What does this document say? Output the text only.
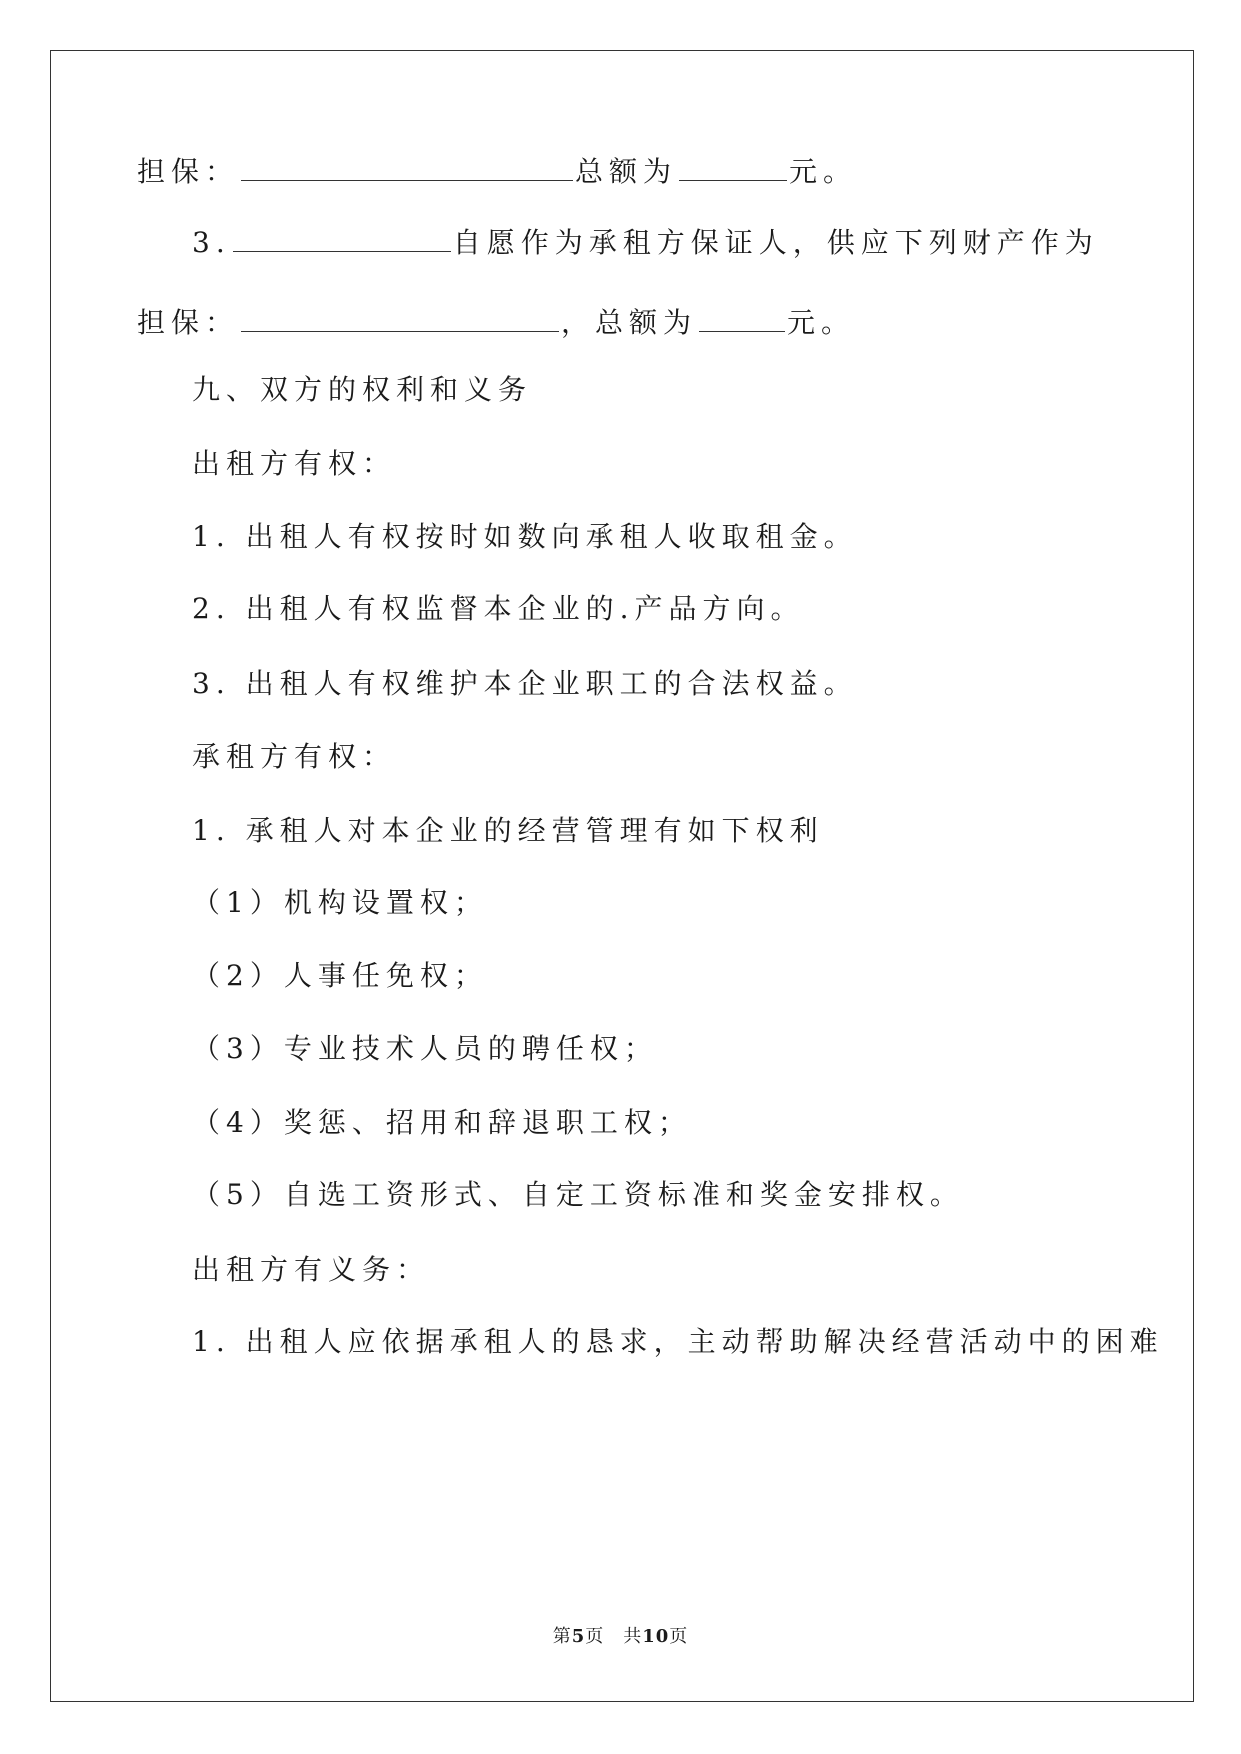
担保：	总额为	元。
3.	自愿作为承租方保证人，供应下列财产作为
担保：	，总额为	元。
九、双方的权利和义务
出租方有权：
1. 出租人有权按时如数向承租人收取租金。
2. 出租人有权监督本企业的.产品方向。
3. 出租人有权维护本企业职工的合法权益。
承租方有权：
1. 承租人对本企业的经营管理有如下权利
（1）机构设置权；
（2）人事任免权；
（3）专业技术人员的聘任权；
（4）奖惩、招用和辞退职工权；
（5）自选工资形式、自定工资标准和奖金安排权。
出租方有义务：
1. 出租人应依据承租人的恳求，主动帮助解决经营活动中的困难
第5页　共10页
